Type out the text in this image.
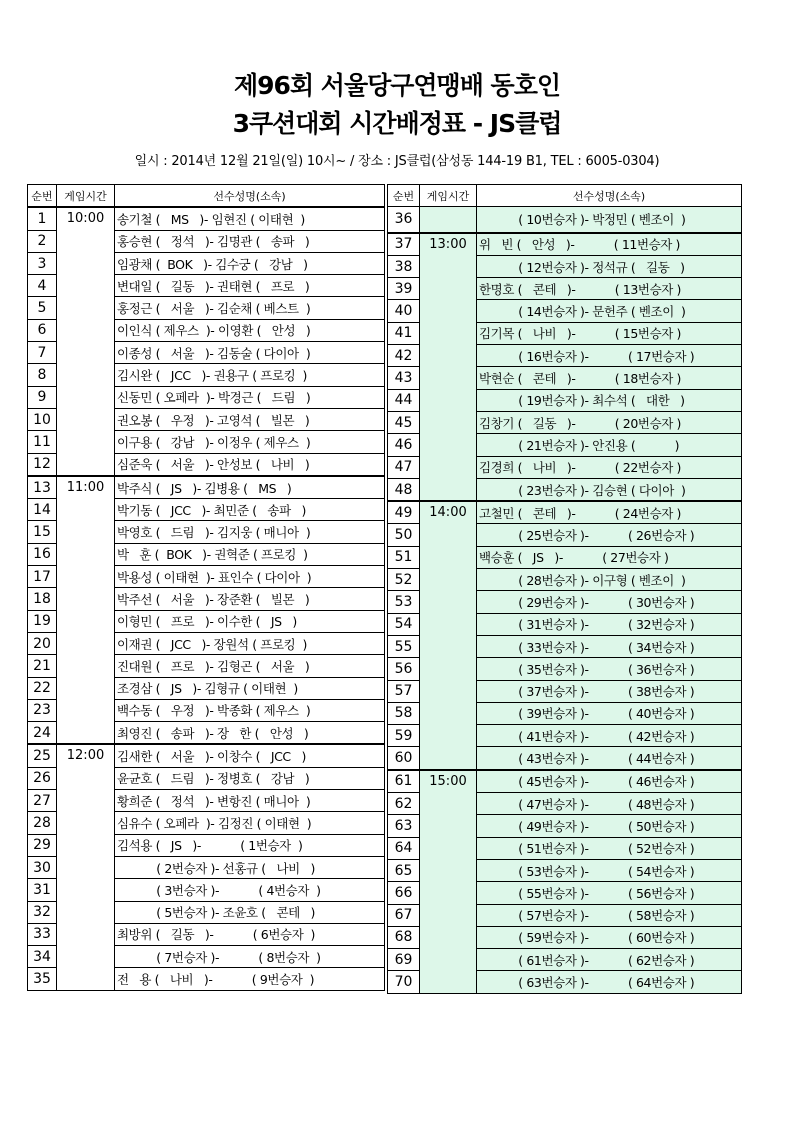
제96회 서울당구연맹배 동호인
3쿠션대회 시간배정표 - JS클럽
일시 : 2014년 12월 21일(일) 10시~ / 장소 : JS클럽(삼성동 144-19 B1, TEL : 6005-0304)
순번	게임시간	선수성명(소속)
1	10:00	송기철 (   MS   )- 임현진 ( 이태현  )
2		홍승현 (   정석   )- 김명관 (   송파   )
3		임광채 (  BOK   )- 김수궁 (   강남   )
4		변대일 (   길동   )- 권태현 (   프로   )
5		홍정근 (   서울   )- 김순채 ( 베스트  )
6		이인식 ( 제우스  )- 이영환 (   안성   )
7		이종성 (   서울   )- 김동술 ( 다이아  )
8		김시완 (   JCC   )- 권용구 ( 프로킹  )
9		신동민 ( 오페라  )- 박경근 (   드림   )
10		권오봉 (   우정   )- 고영석 (   빌몬   )
11		이구용 (   강남   )- 이정우 ( 제우스  )
12		심준욱 (   서울   )- 안성보 (   나비   )
13	11:00	박주식 (   JS   )- 김병용 (   MS   )
14		박기동 (   JCC   )- 최민준 (   송파   )
15		박영호 (   드림   )- 김지웅 ( 매니아  )
16		박   훈 (  BOK   )- 권혁준 ( 프로킹  )
17		박용성 ( 이태현  )- 표인수 ( 다이아  )
18		박주선 (   서울   )- 장준환 (   빌몬   )
19		이형민 (   프로   )- 이수한 (   JS   )
20		이재권 (   JCC   )- 장원석 ( 프로킹  )
21		진대원 (   프로   )- 김형곤 (   서울   )
22		조경삼 (   JS   )- 김형규 ( 이태현  )
23		백수동 (   우정   )- 박종화 ( 제우스  )
24		최영진 (   송파   )- 장   한 (   안성   )
25	12:00	김새한 (   서울   )- 이창수 (   JCC   )
26		윤균호 (   드림   )- 정병호 (   강남   )
27		황희준 (   정석   )- 변항진 ( 매니아  )
28		심유수 ( 오페라  )- 김정진 ( 이태현  )
29		김석용 (   JS   )-           ( 1번승자  )
30		( 2번승자 )- 선홍규 (   나비   )
31		( 3번승자 )-           ( 4번승자  )
32		( 5번승자 )- 조윤호 (   콘테   )
33		최방위 (   길동   )-           ( 6번승자  )
34		( 7번승자 )-           ( 8번승자  )
35		전   용 (   나비   )-           ( 9번승자  )
순번	게임시간	선수성명(소속)
36		( 10번승자 )- 박정민 ( 벤조이  )
37	13:00	위   빈 (   안성   )-           ( 11번승자 )
38		( 12번승자 )- 정석규 (   길동   )
39		한명호 (   콘테   )-           ( 13번승자 )
40		( 14번승자 )- 문헌주 ( 벤조이  )
41		김기목 (   나비   )-           ( 15번승자 )
42		( 16번승자 )-           ( 17번승자 )
43		박현순 (   콘테   )-           ( 18번승자 )
44		( 19번승자 )- 최수석 (   대한   )
45		김창기 (   길동   )-           ( 20번승자 )
46		( 21번승자 )- 안진용 (           )
47		김경희 (   나비   )-           ( 22번승자 )
48		( 23번승자 )- 김승현 ( 다이아  )
49	14:00	고철민 (   콘테   )-           ( 24번승자 )
50		( 25번승자 )-           ( 26번승자 )
51		백승훈 (   JS   )-           ( 27번승자 )
52		( 28번승자 )- 이구형 ( 벤조이  )
53		( 29번승자 )-           ( 30번승자 )
54		( 31번승자 )-           ( 32번승자 )
55		( 33번승자 )-           ( 34번승자 )
56		( 35번승자 )-           ( 36번승자 )
57		( 37번승자 )-           ( 38번승자 )
58		( 39번승자 )-           ( 40번승자 )
59		( 41번승자 )-           ( 42번승자 )
60		( 43번승자 )-           ( 44번승자 )
61	15:00	( 45번승자 )-           ( 46번승자 )
62		( 47번승자 )-           ( 48번승자 )
63		( 49번승자 )-           ( 50번승자 )
64		( 51번승자 )-           ( 52번승자 )
65		( 53번승자 )-           ( 54번승자 )
66		( 55번승자 )-           ( 56번승자 )
67		( 57번승자 )-           ( 58번승자 )
68		( 59번승자 )-           ( 60번승자 )
69		( 61번승자 )-           ( 62번승자 )
70		( 63번승자 )-           ( 64번승자 )
